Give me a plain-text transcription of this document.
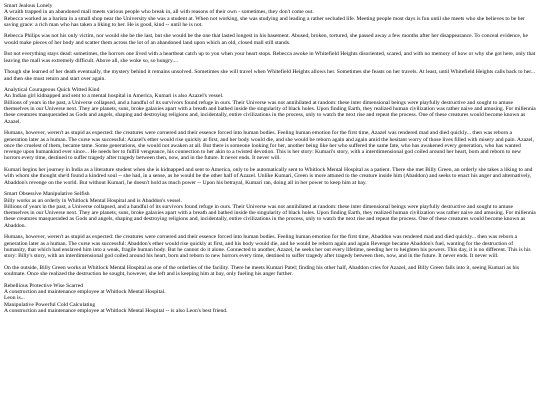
Smart Jealous Lonely

A wraith trapped in an abandoned mall meets various people who break in, all with reasons of their own - sometimes, they don't come out.

Rebecca worked as a barista in a small shop near the University she was a student at. When not working, she was studying and leading a rather secluded life. Meeting people most days is fun until she meets who she believes to be her saving grace: a rich man who has taken a liking to her. He is good, kind -- until he is not.

Rebecca Philips was not his only victim, nor would she be the last, but she would be the one that lasted longest in his basement. Abused, broken, tortured, she passed away a few months after her disappearance. To conceal evidence, he would make pieces of her body and scatter them across the lot of an abandoned land upon which an old, closed mall still stands.

But not everything stays dead: sometimes, the horrors one lived with a heartbeat catch up to you when your heart stops. Rebecca awoke in Whitefield Heights disoriented, scared, and with no memory of how or why she got here, only that leaving the mall was extremely difficult. Above all, she woke so, so hungry....

Though she learned of her death eventually, the mystery behind it remains unsolved. Sometimes she will travel when Whitefield Heights allows her. Sometimes she feasts on her travels. At least, until Whitefield Heights calls back to her... and then she must return and start over again.

Analytical Courageous Quick Witted Kind

An Indian girl kidnapped and sent to a mental hospital in America, Kumari is also Azazel's vessel.

Billions of years in the past, a Universe collapsed, and a handful of its survivors found refuge in ours. Their Universe was not annihilated at random: these inter dimensional beings were playfully destructive and sought to amuse themselves in our Universe next. They are planets, suns, broke galaxies apart with a breath and bathed inside the singularity of black holes. Upon finding Earth, they realized human civilization was rather naive and amusing. For millennia these creatures masqueraded as Gods and angels, shaping and destroying religions and, incidentally, entire civilizations in the process, only to watch the next rise and repeat the process. One of these creatures would become known as Azazel.

Humans, however, weren't as stupid as expected: the creatures were cornered and their essence forced into human bodies. Feeling human emotion for the first time, Azazel was rendered mad and died quickly... then was reborn a generation later as a human. The curse was successful: Azazel's ether would rise quickly at first, and her body would die, and she would be reborn again and again amid the hesitant worry of those lives filled with misery and pain. Azazel, once the cruelest of them, became tame. Some generations, she would not awaken at all. But there is someone looking for her, another being like her who suffered the same fate, who has awakened every generation, who has wanted revenge upon humankind ever since... He needs her to fulfill vengeance, his connection to her akin to a twisted devotion. This is her story: Kumari's story, with a interdimensional god coiled around her heart, born and reborn to new horrors every time, destined to suffer tragedy after tragedy between then, now, and in the future. It never ends. It never will.

Kumari begins her journey in India as a literature student when she is kidnapped and sent to America, only to be automatically sent to Whitlock Mental Hospital as a patient. There she met Billy Green, an orderly she takes a liking to and with whom she thought she'd found a kindred soul -- she had, in a sense, as he would be the other half of Azazel. Unlike Kumari, Green is more attuned to the creature inside him (Abaddon) and seeks to enact his anger and alternatively, Abaddon's revenge on the world. But without Kumari, he doesn't hold as much power -- Upon his betrayal, Kumari ran, doing all in her power to keep him at bay.

Smart Obsessive Manipulative Selfish

Billy works as an orderly in Whitlock Mental Hospital and is Abaddon's vessel.

Billions of years in the past, a Universe collapsed, and a handful of its survivors found refuge in ours. Their Universe was not annihilated at random: these inter dimensional beings were playfully destructive and sought to amuse themselves in our Universe next. They are planets, suns, broke galaxies apart with a breath and bathed inside the singularity of black holes. Upon finding Earth, they realized human civilization was rather naive and amusing. For millennia these creatures masqueraded as Gods and angels, shaping and destroying religions and, incidentally, entire civilizations in the process, only to watch the next rise and repeat the process. One of these creatures would become known as Abaddon.

Humans, however, weren't as stupid as expected: the creatures were cornered and their essence forced into human bodies. Feeling human emotion for the first time, Abaddon was rendered mad and died quickly... then was reborn a generation later as a human. The curse was successful: Abaddon's ether would rise quickly at first, and his body would die, and he would be reborn again and again Revenge became Abaddon's fuel, wanting for the destruction of humanity, that which had enslaved him into a weak, fragile human body. But he cannot do it alone. Connected to another, Azazel, he seeks her out every lifetime, needing her to heighten his powers. This day, it is no different. This is his story: Billy's story, with an interdimensional god coiled around his heart, born and reborn to new horrors every time, destined to suffer tragedy after tragedy between then, now, and in the future. It never ends. It never will.

On the outside, Billy Green works at Whitlock Mental Hospital as one of the orderlies of the facility. There he meets Kumari Patel; finding his other half, Abaddon cries for Azazel, and Billy Green falls into it, seeing Kumari as his soulmate. Once she realized the destruction he sought, however, she left and is keeping him at bay, only fueling his anger further.

Rebellious Protective Wise Scarred

A construction and maintenance employee at Whitlock Mental Hospital.

Leon is...

Manipulative Powerful Cold Calculating

A construction and maintenance employee at Whitlock Mental Hospital -- is also Leon's best friend.
